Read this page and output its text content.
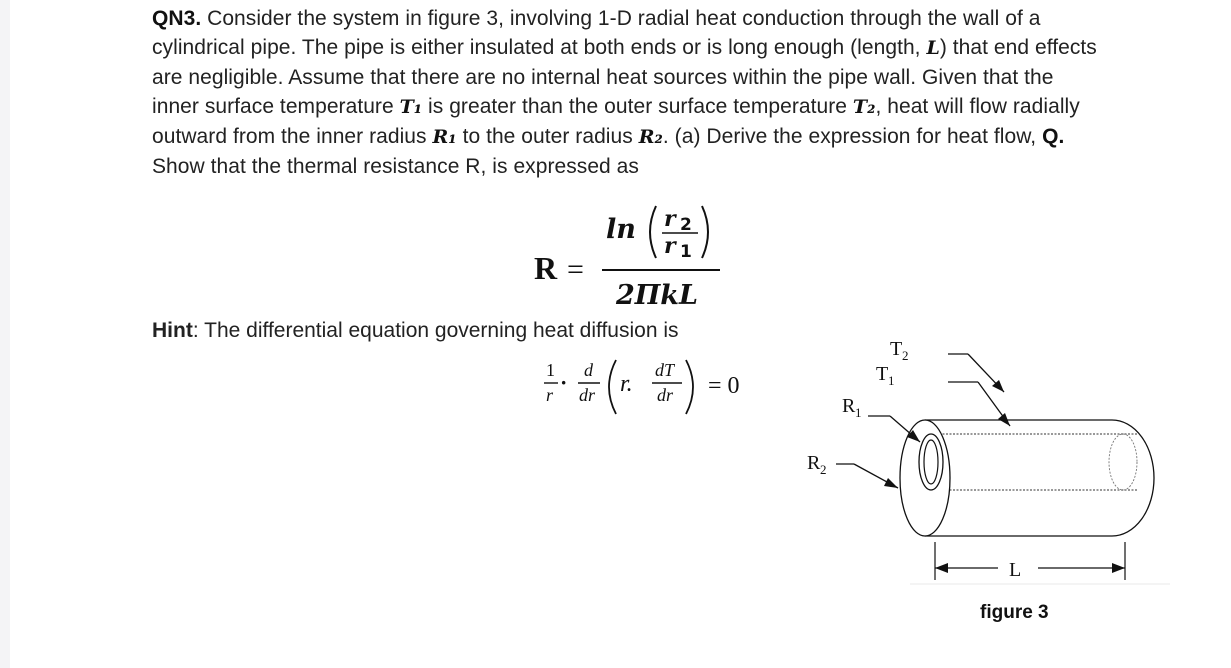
QN3. Consider the system in figure 3, involving 1-D radial heat conduction through the wall of a cylindrical pipe. The pipe is either insulated at both ends or is long enough (length, L) that end effects are negligible. Assume that there are no internal heat sources within the pipe wall. Given that the inner surface temperature T₁ is greater than the outer surface temperature T₂, heat will flow radially outward from the inner radius R₁ to the outer radius R₂. (a) Derive the expression for heat flow, Q. Show that the thermal resistance R, is expressed as
R =
ln r 2
r 1
2ΠkL
Hint: The differential equation governing heat diffusion is
1
r · d
dr r.
dT
dr = 0
T 2
T 1
R 1
R 2
L
figure 3
